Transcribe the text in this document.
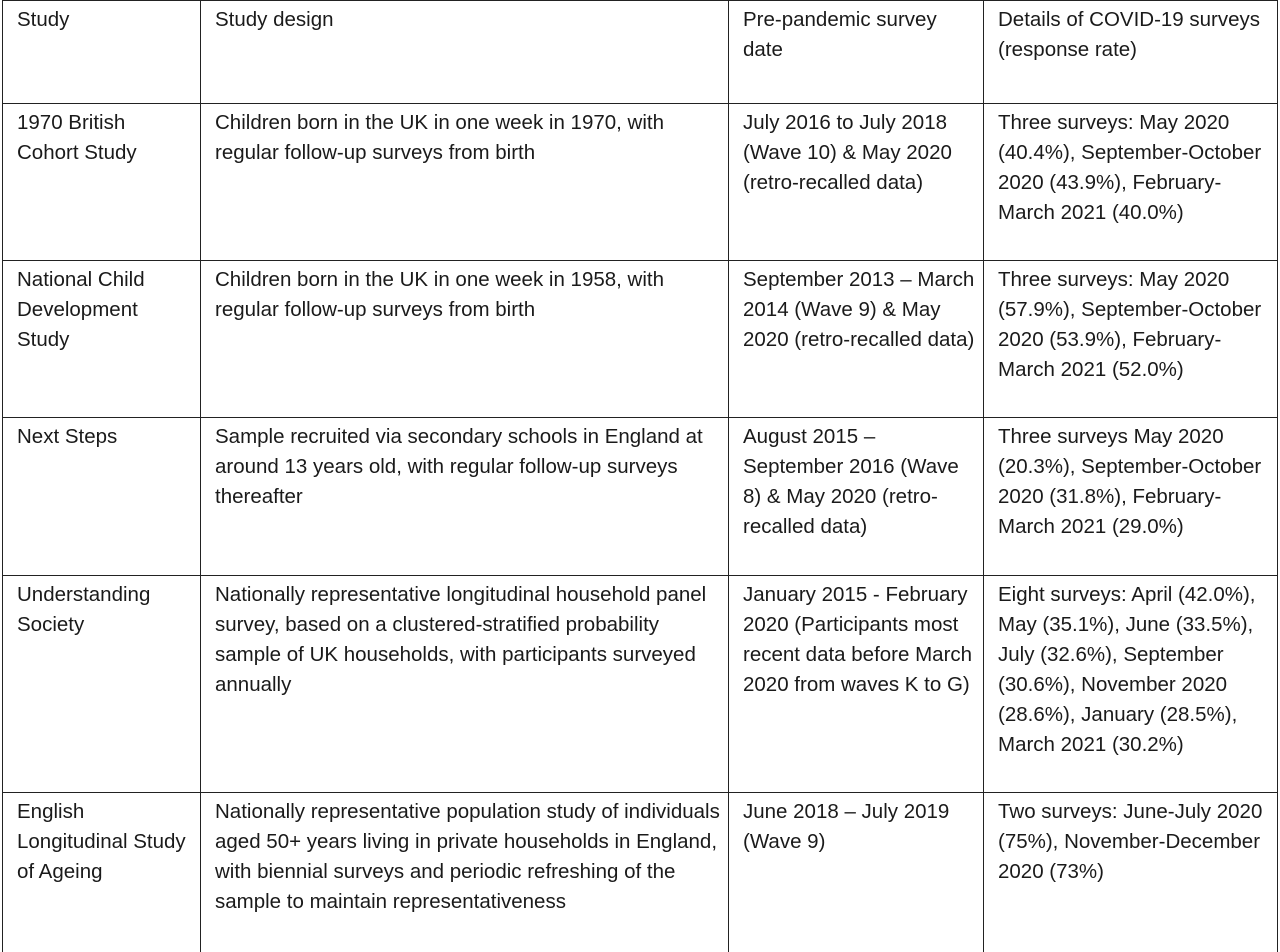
Study	Study design	Pre-pandemic survey date	Details of COVID-19 surveys (response rate)

1970 British Cohort Study	Children born in the UK in one week in 1970, with regular follow-up surveys from birth	July 2016 to July 2018 (Wave 10) & May 2020 (retro-recalled data)	Three surveys: May 2020 (40.4%), September-October 2020 (43.9%), February-March 2021 (40.0%)

National Child Development Study	Children born in the UK in one week in 1958, with regular follow-up surveys from birth	September 2013 – March 2014 (Wave 9) & May 2020 (retro-recalled data)	Three surveys: May 2020 (57.9%), September-October 2020 (53.9%), February-March 2021 (52.0%)

Next Steps	Sample recruited via secondary schools in England at around 13 years old, with regular follow-up surveys thereafter	August 2015 – September 2016 (Wave 8) & May 2020 (retro-recalled data)	Three surveys May 2020 (20.3%), September-October 2020 (31.8%), February-March 2021 (29.0%)

Understanding Society	Nationally representative longitudinal household panel survey, based on a clustered-stratified probability sample of UK households, with participants surveyed annually	January 2015 - February 2020 (Participants most recent data before March 2020 from waves K to G)	Eight surveys: April (42.0%), May (35.1%), June (33.5%), July (32.6%), September (30.6%), November 2020 (28.6%), January (28.5%), March 2021 (30.2%)

English Longitudinal Study of Ageing	Nationally representative population study of individuals aged 50+ years living in private households in England, with biennial surveys and periodic refreshing of the sample to maintain representativeness	June 2018 – July 2019 (Wave 9)	Two surveys: June-July 2020 (75%), November-December 2020 (73%)
